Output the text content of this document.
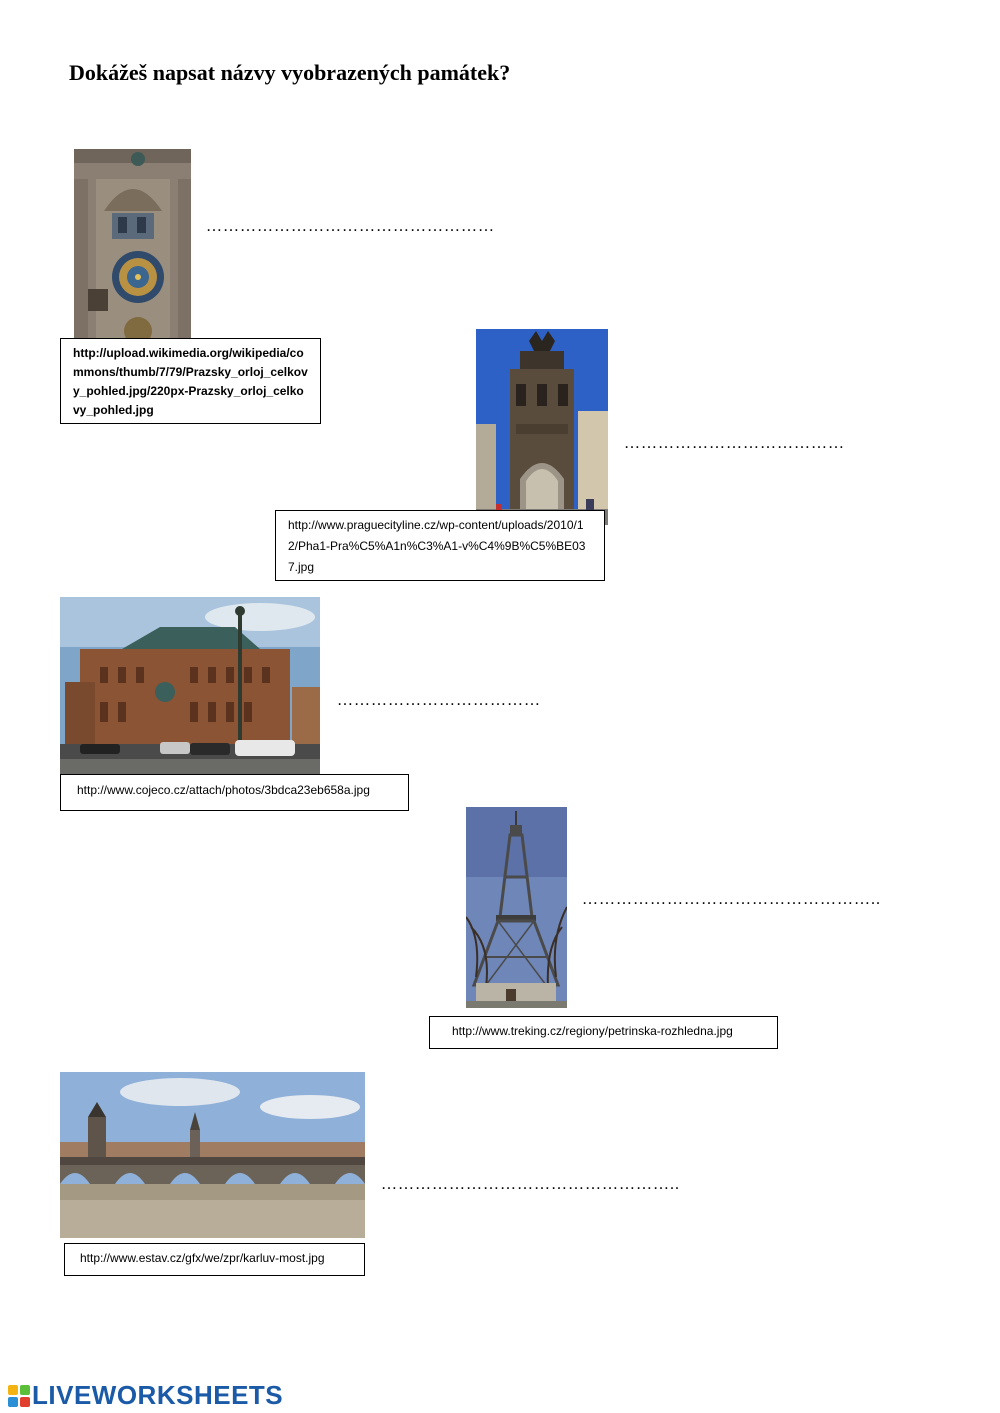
Dokážeš napsat názvy vyobrazených památek?
……………………………………………
http://upload.wikimedia.org/wikipedia/commons/thumb/7/79/Prazsky_orloj_celkovy_pohled.jpg/220px-Prazsky_orloj_celkovy_pohled.jpg
…………………………………
http://www.praguecityline.cz/wp-content/uploads/2010/12/Pha1-Pra%C5%A1n%C3%A1-v%C4%9B%C5%BE037.jpg
………………………………
http://www.cojeco.cz/attach/photos/3bdca23eb658a.jpg
……………………………………………..
http://www.treking.cz/regiony/petrinska-rozhledna.jpg
……………………………………………..
http://www.estav.cz/gfx/we/zpr/karluv-most.jpg
LIVEWORKSHEETS
